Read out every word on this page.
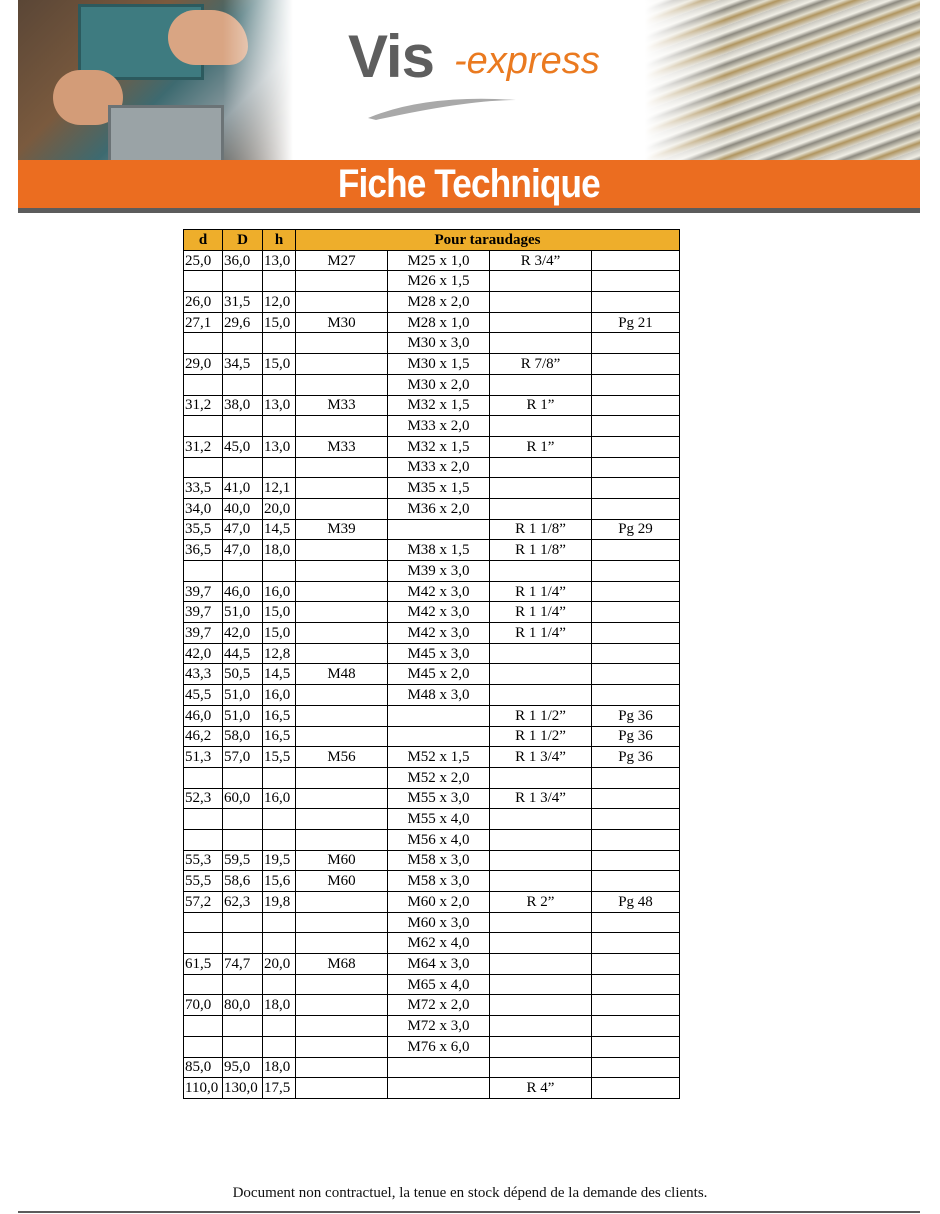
Vis -express
Fiche Technique
d	D	h	Pour taraudages			
25,0	36,0	13,0	M27	M25 x 1,0	R 3/4”	
				M26 x 1,5		
26,0	31,5	12,0		M28 x 2,0		
27,1	29,6	15,0	M30	M28 x 1,0		Pg 21
				M30 x 3,0		
29,0	34,5	15,0		M30 x 1,5	R 7/8”	
				M30 x 2,0		
31,2	38,0	13,0	M33	M32 x 1,5	R 1”	
				M33 x 2,0		
31,2	45,0	13,0	M33	M32 x 1,5	R 1”	
				M33 x 2,0		
33,5	41,0	12,1		M35 x 1,5		
34,0	40,0	20,0		M36 x 2,0		
35,5	47,0	14,5	M39		R 1 1/8”	Pg 29
36,5	47,0	18,0		M38 x 1,5	R 1 1/8”	
				M39 x 3,0		
39,7	46,0	16,0		M42 x 3,0	R 1 1/4”	
39,7	51,0	15,0		M42 x 3,0	R 1 1/4”	
39,7	42,0	15,0		M42 x 3,0	R 1 1/4”	
42,0	44,5	12,8		M45 x 3,0		
43,3	50,5	14,5	M48	M45 x 2,0		
45,5	51,0	16,0		M48 x 3,0		
46,0	51,0	16,5			R 1 1/2”	Pg 36
46,2	58,0	16,5			R 1 1/2”	Pg 36
51,3	57,0	15,5	M56	M52 x 1,5	R 1 3/4”	Pg 36
				M52 x 2,0		
52,3	60,0	16,0		M55 x 3,0	R 1 3/4”	
				M55 x 4,0		
				M56 x 4,0		
55,3	59,5	19,5	M60	M58 x 3,0		
55,5	58,6	15,6	M60	M58 x 3,0		
57,2	62,3	19,8		M60 x 2,0	R 2”	Pg 48
				M60 x 3,0		
				M62 x 4,0		
61,5	74,7	20,0	M68	M64 x 3,0		
				M65 x 4,0		
70,0	80,0	18,0		M72 x 2,0		
				M72 x 3,0		
				M76 x 6,0		
85,0	95,0	18,0				
110,0	130,0	17,5			R 4”	
Document non contractuel, la tenue en stock dépend de la demande des clients.
